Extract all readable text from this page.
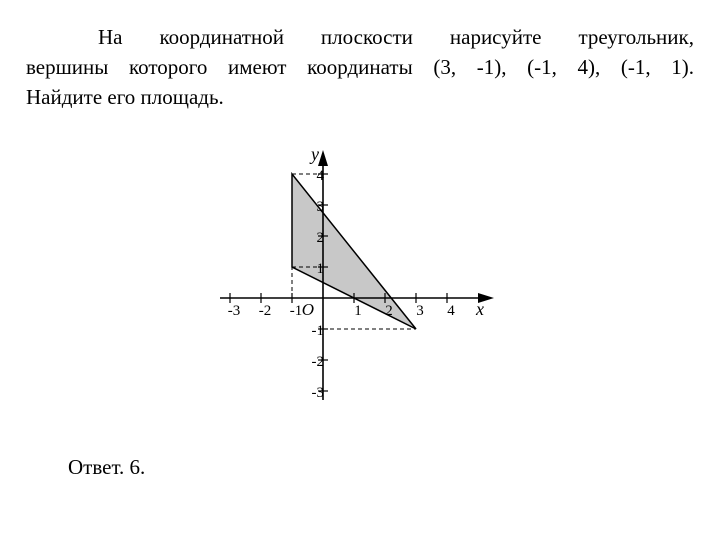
На координатной плоскости нарисуйте треугольник,

вершины которого имеют координаты (3, -1), (-1, 4), (-1, 1).

Найдите его площадь.

-3 -2 -1	1 2 3 4
4
3
2
1
-1
-2
-3
O	x
y
Ответ. 6.
